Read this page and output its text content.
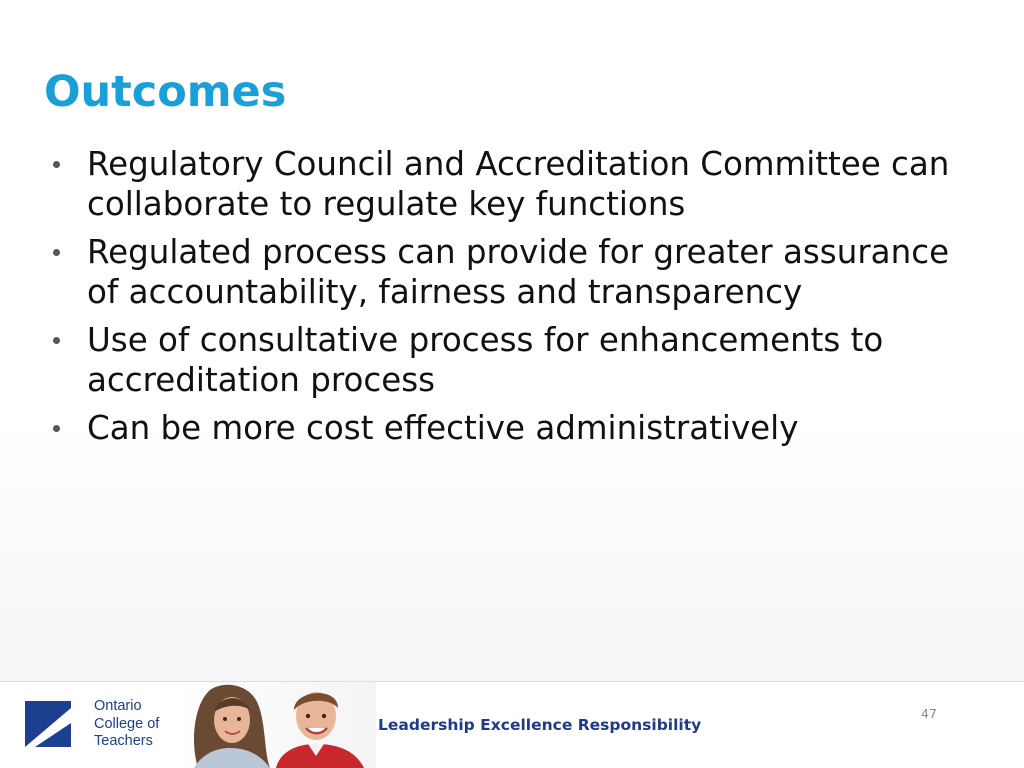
Outcomes
Regulatory Council and Accreditation Committee can collaborate to regulate key functions
Regulated process can provide for greater assurance of accountability, fairness and transparency
Use of consultative process for enhancements to accreditation process
Can be more cost effective administratively
Ontario
College of
Teachers
Leadership Excellence Responsibility
47
